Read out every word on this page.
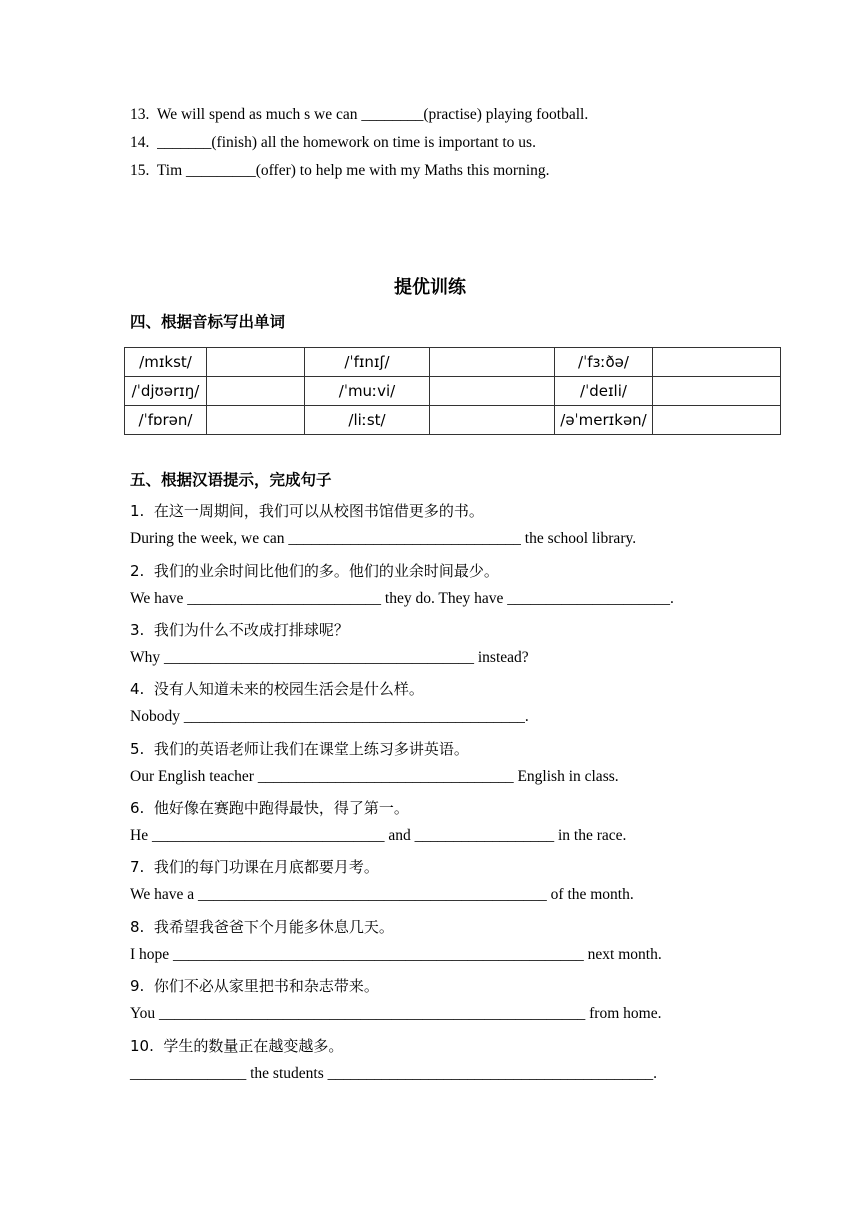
13.  We will spend as much s we can ________(practise) playing football.
14.  _______(finish) all the homework on time is important to us.
15.  Tim _________(offer) to help me with my Maths this morning.
提优训练
四、根据音标写出单词
/mɪkst/		/ˈfɪnɪʃ/		/ˈfɜːðə/	
/ˈdjʊərɪŋ/		/ˈmuːvi/		/ˈdeɪli/	
/ˈfɒrən/		/liːst/		/əˈmerɪkən/	
五、根据汉语提示，完成句子
1.  在这一周期间，我们可以从校图书馆借更多的书。
During the week, we can ______________________________ the school library.
2.  我们的业余时间比他们的多。他们的业余时间最少。
We have _________________________ they do. They have _____________________.
3.  我们为什么不改成打排球呢？
Why ________________________________________ instead?
4.  没有人知道未来的校园生活会是什么样。
Nobody ____________________________________________.
5.  我们的英语老师让我们在课堂上练习多讲英语。
Our English teacher _________________________________ English in class.
6.  他好像在赛跑中跑得最快，得了第一。
He ______________________________ and __________________ in the race.
7.  我们的每门功课在月底都要月考。
We have a _____________________________________________ of the month.
8.  我希望我爸爸下个月能多休息几天。
I hope _____________________________________________________ next month.
9.  你们不必从家里把书和杂志带来。
You _______________________________________________________ from home.
10.  学生的数量正在越变越多。
_______________ the students __________________________________________.
